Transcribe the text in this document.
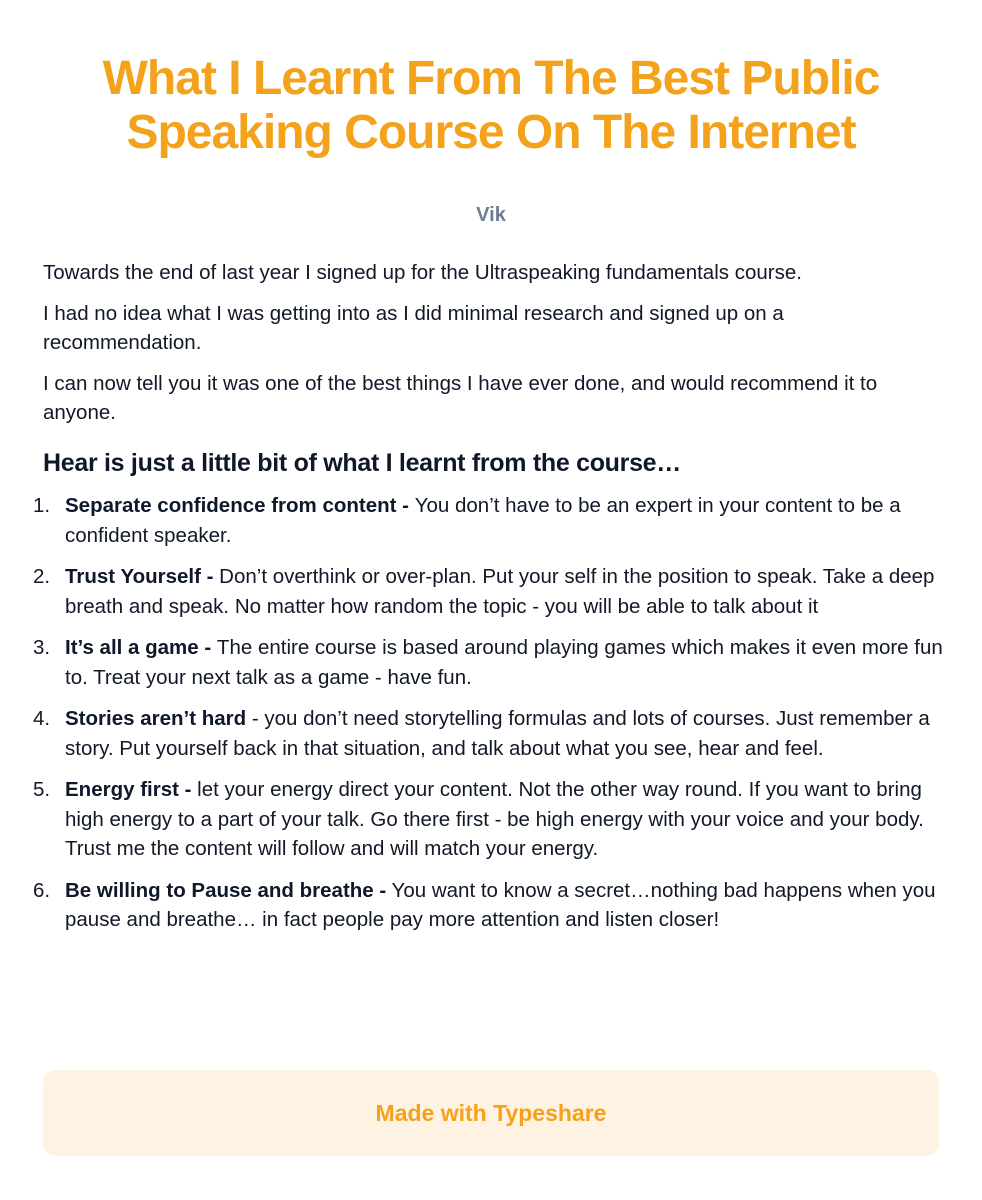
What I Learnt From The Best Public Speaking Course On The Internet
Vik

Towards the end of last year I signed up for the Ultraspeaking fundamentals course.

I had no idea what I was getting into as I did minimal research and signed up on a recommendation.

I can now tell you it was one of the best things I have ever done, and would recommend it to anyone.

Hear is just a little bit of what I learnt from the course…
1. Separate confidence from content - You don’t have to be an expert in your content to be a confident speaker.
2. Trust Yourself - Don’t overthink or over-plan. Put your self in the position to speak. Take a deep breath and speak. No matter how random the topic - you will be able to talk about it
3. It’s all a game - The entire course is based around playing games which makes it even more fun to. Treat your next talk as a game - have fun.
4. Stories aren’t hard - you don’t need storytelling formulas and lots of courses. Just remember a story. Put yourself back in that situation, and talk about what you see, hear and feel.
5. Energy first - let your energy direct your content. Not the other way round. If you want to bring high energy to a part of your talk. Go there first - be high energy with your voice and your body. Trust me the content will follow and will match your energy.
6. Be willing to Pause and breathe - You want to know a secret…nothing bad happens when you pause and breathe… in fact people pay more attention and listen closer!
Made with Typeshare
